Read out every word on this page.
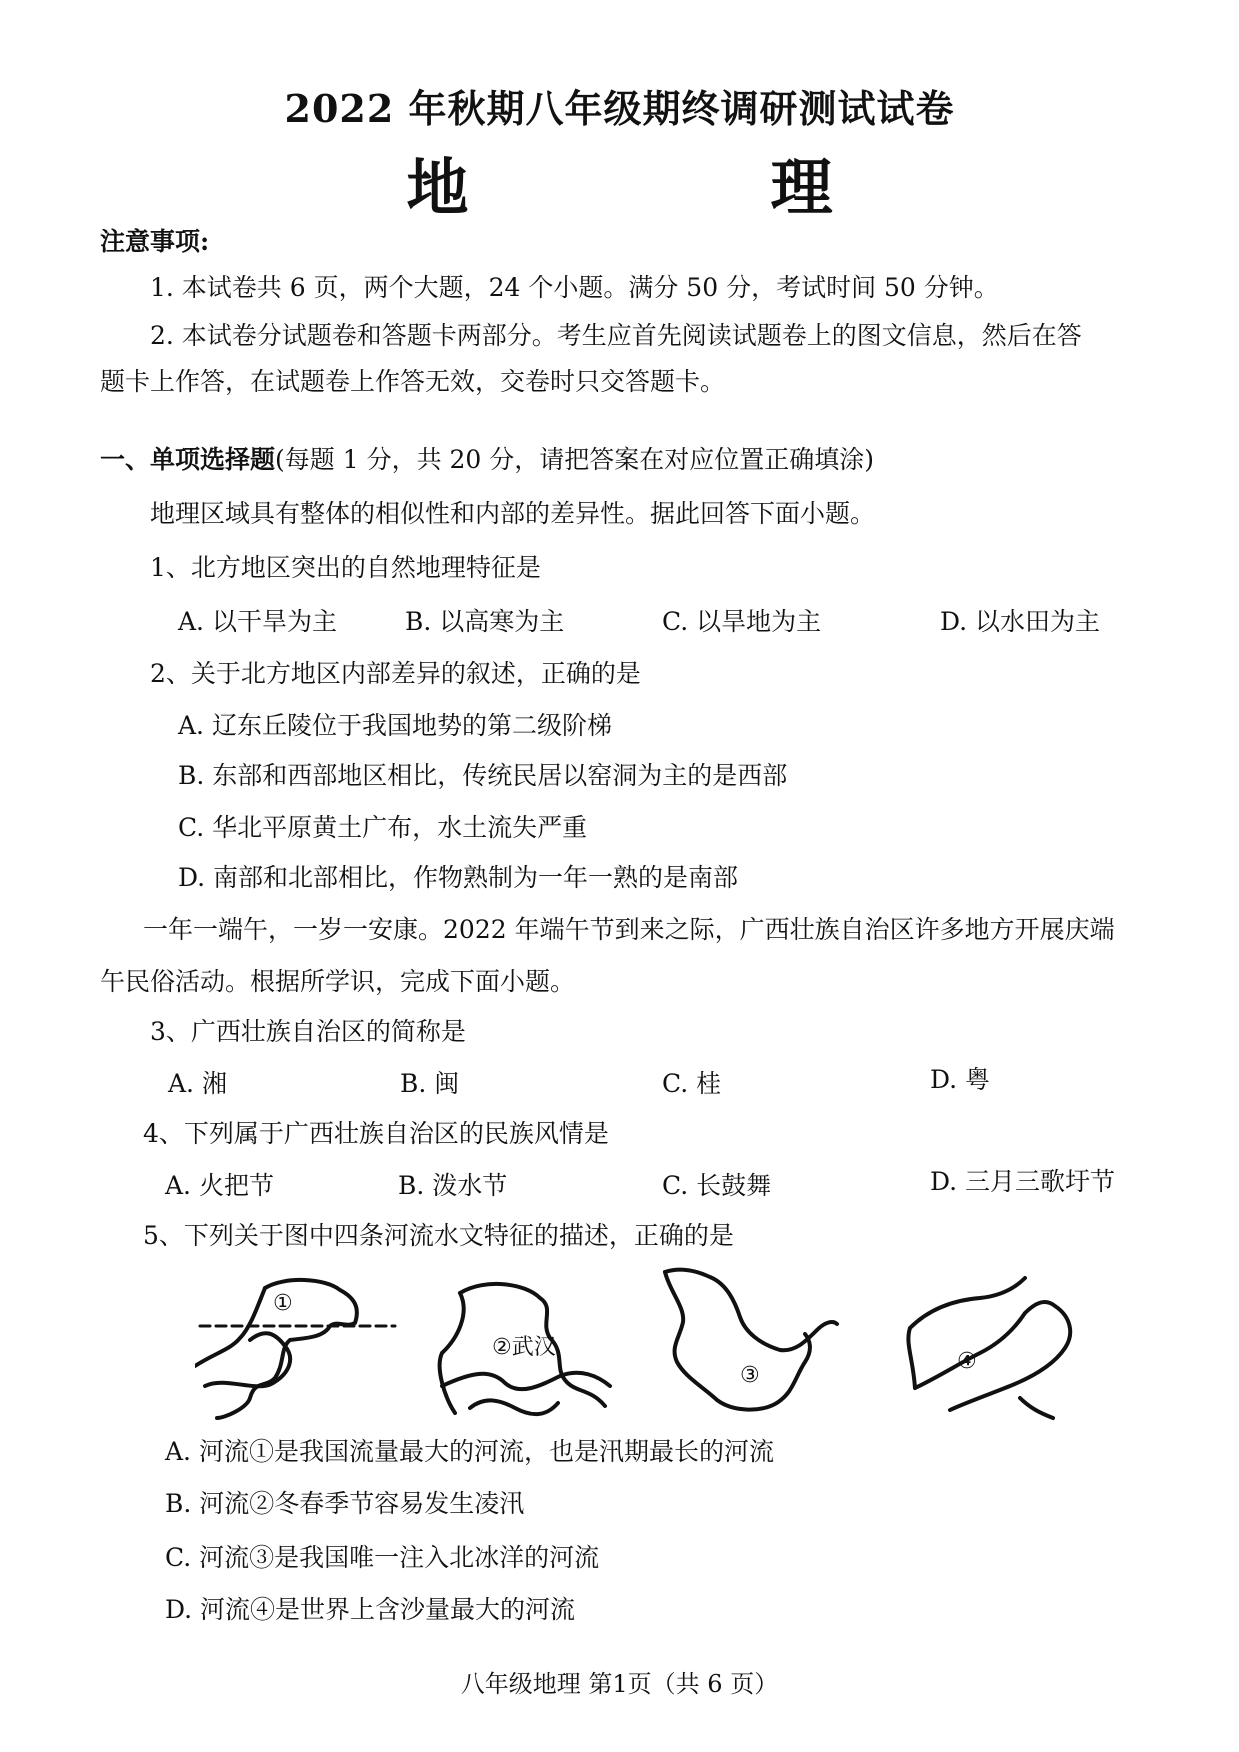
2022 年秋期八年级期终调研测试试卷
地　理
注意事项:
1. 本试卷共 6 页，两个大题，24 个小题。满分 50 分，考试时间 50 分钟。
2. 本试卷分试题卷和答题卡两部分。考生应首先阅读试题卷上的图文信息，然后在答
题卡上作答，在试题卷上作答无效，交卷时只交答题卡。
一、单项选择题(每题 1 分，共 20 分，请把答案在对应位置正确填涂)
地理区域具有整体的相似性和内部的差异性。据此回答下面小题。
1、北方地区突出的自然地理特征是
A. 以干旱为主	B. 以高寒为主	C. 以旱地为主	D. 以水田为主
2、关于北方地区内部差异的叙述，正确的是
A. 辽东丘陵位于我国地势的第二级阶梯
B. 东部和西部地区相比，传统民居以窑洞为主的是西部
C. 华北平原黄土广布，水土流失严重
D. 南部和北部相比，作物熟制为一年一熟的是南部
一年一端午，一岁一安康。2022 年端午节到来之际，广西壮族自治区许多地方开展庆端
午民俗活动。根据所学识，完成下面小题。
3、广西壮族自治区的简称是
A. 湘	B. 闽	C. 桂	D. 粤
4、下列属于广西壮族自治区的民族风情是
A. 火把节	B. 泼水节	C. 长鼓舞	D. 三月三歌圩节
5、下列关于图中四条河流水文特征的描述，正确的是
①
②武汉
③
④
A. 河流①是我国流量最大的河流，也是汛期最长的河流
B. 河流②冬春季节容易发生凌汛
C. 河流③是我国唯一注入北冰洋的河流
D. 河流④是世界上含沙量最大的河流
八年级地理 第1页（共 6 页）
